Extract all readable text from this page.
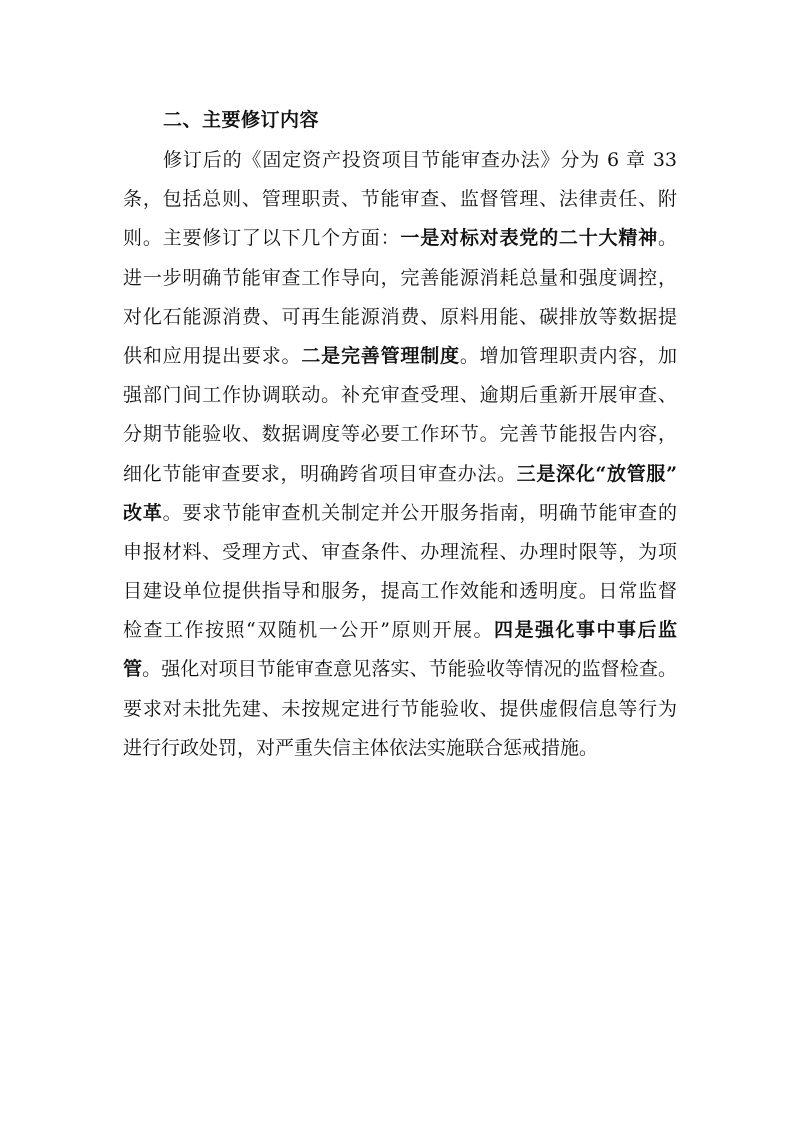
二、主要修订内容
修订后的《固定资产投资项目节能审查办法》分为 6 章 33
条，包括总则、管理职责、节能审查、监督管理、法律责任、附
则。主要修订了以下几个方面：一是对标对表党的二十大精神。
进一步明确节能审查工作导向，完善能源消耗总量和强度调控，
对化石能源消费、可再生能源消费、原料用能、碳排放等数据提
供和应用提出要求。二是完善管理制度。增加管理职责内容，加
强部门间工作协调联动。补充审查受理、逾期后重新开展审查、
分期节能验收、数据调度等必要工作环节。完善节能报告内容，
细化节能审查要求，明确跨省项目审查办法。三是深化“放管服”
改革。要求节能审查机关制定并公开服务指南，明确节能审查的
申报材料、受理方式、审查条件、办理流程、办理时限等，为项
目建设单位提供指导和服务，提高工作效能和透明度。日常监督
检查工作按照“双随机一公开”原则开展。四是强化事中事后监
管。强化对项目节能审查意见落实、节能验收等情况的监督检查。
要求对未批先建、未按规定进行节能验收、提供虚假信息等行为
进行行政处罚，对严重失信主体依法实施联合惩戒措施。
